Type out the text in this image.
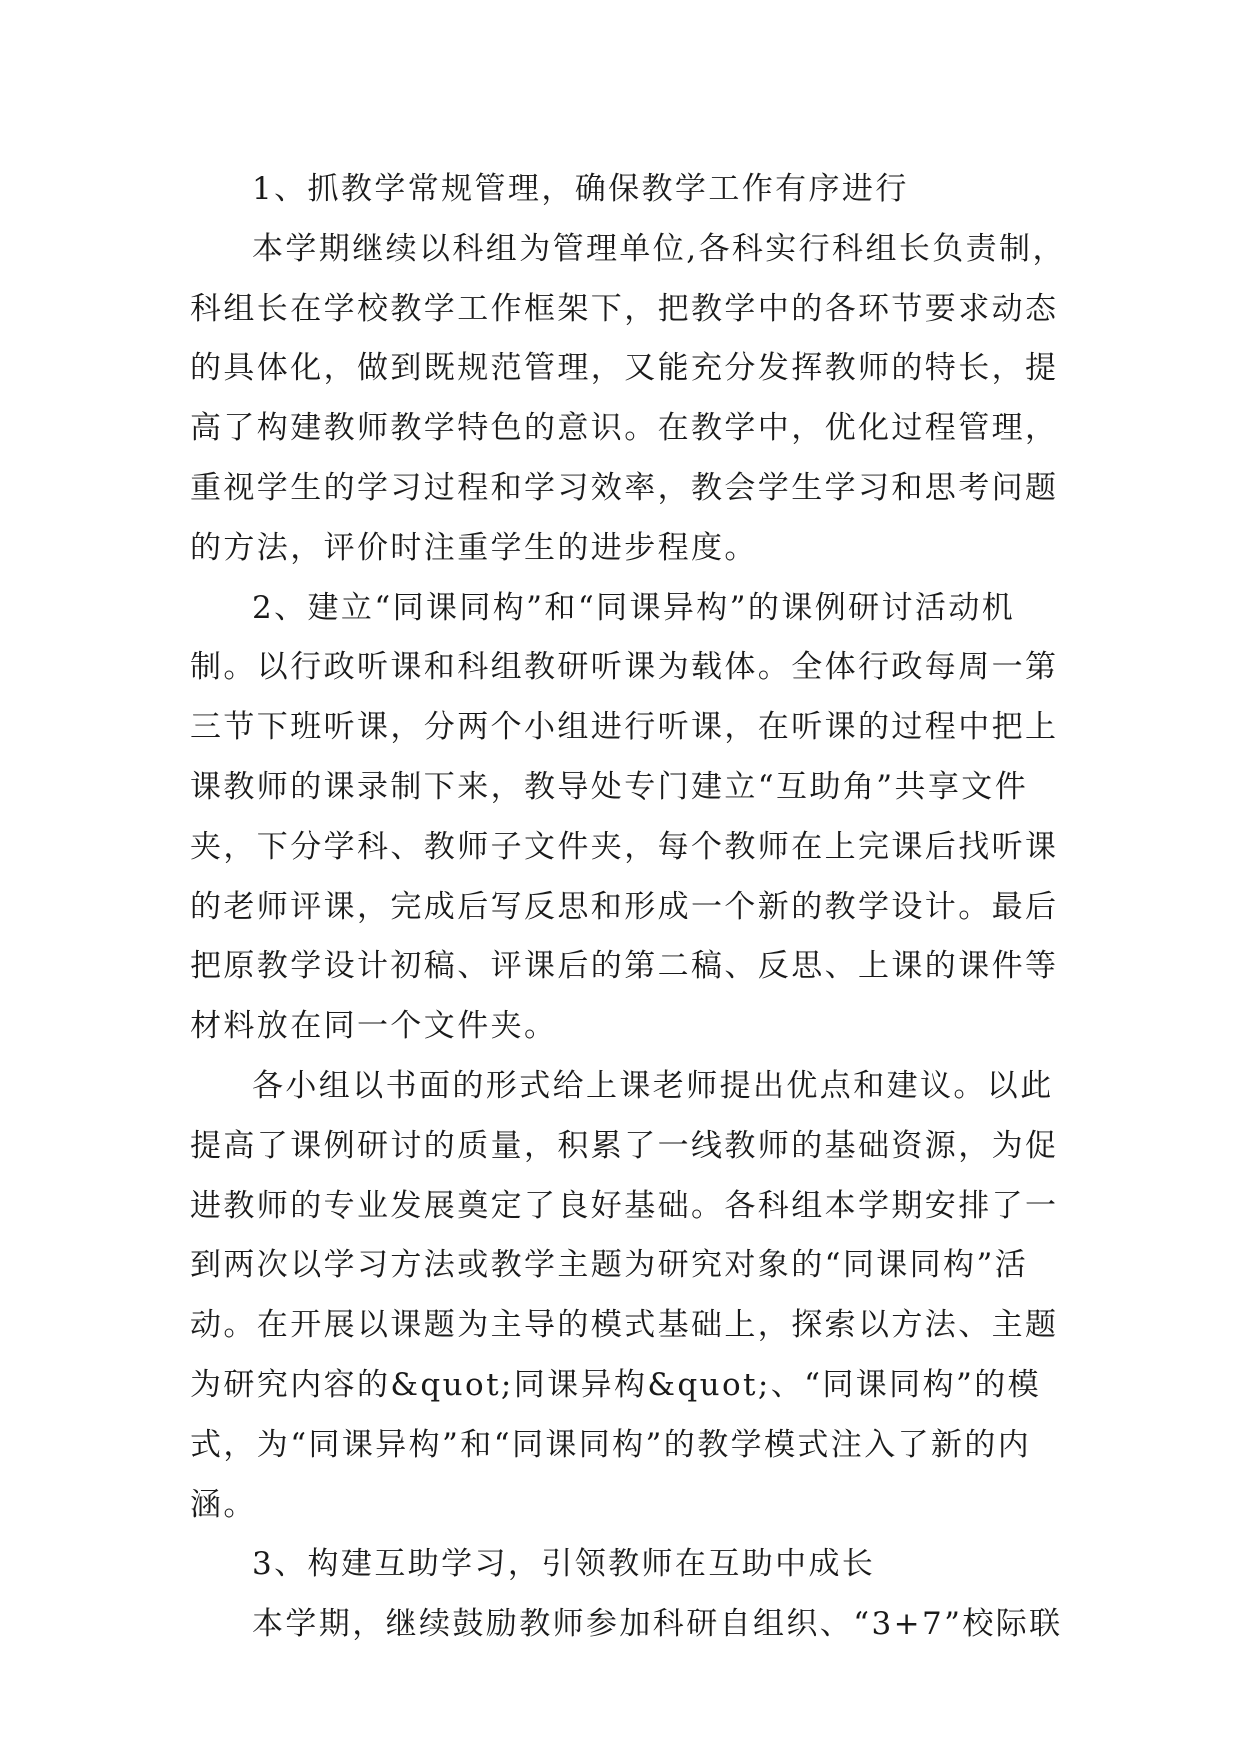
1、抓教学常规管理，确保教学工作有序进行

本学期继续以科组为管理单位,各科实行科组长负责制，科组长在学校教学工作框架下，把教学中的各环节要求动态的具体化，做到既规范管理，又能充分发挥教师的特长，提高了构建教师教学特色的意识。在教学中，优化过程管理，重视学生的学习过程和学习效率，教会学生学习和思考问题的方法，评价时注重学生的进步程度。

2、建立“同课同构”和“同课异构”的课例研讨活动机制。以行政听课和科组教研听课为载体。全体行政每周一第三节下班听课，分两个小组进行听课，在听课的过程中把上课教师的课录制下来，教导处专门建立“互助角”共享文件夹，下分学科、教师子文件夹，每个教师在上完课后找听课的老师评课，完成后写反思和形成一个新的教学设计。最后把原教学设计初稿、评课后的第二稿、反思、上课的课件等材料放在同一个文件夹。

各小组以书面的形式给上课老师提出优点和建议。以此提高了课例研讨的质量，积累了一线教师的基础资源，为促进教师的专业发展奠定了良好基础。各科组本学期安排了一到两次以学习方法或教学主题为研究对象的“同课同构”活动。在开展以课题为主导的模式基础上，探索以方法、主题为研究内容的&quot;同课异构&quot;、“同课同构”的模式，为“同课异构”和“同课同构”的教学模式注入了新的内涵。

3、构建互助学习，引领教师在互助中成长

本学期，继续鼓励教师参加科研自组织、“3+7”校际联
